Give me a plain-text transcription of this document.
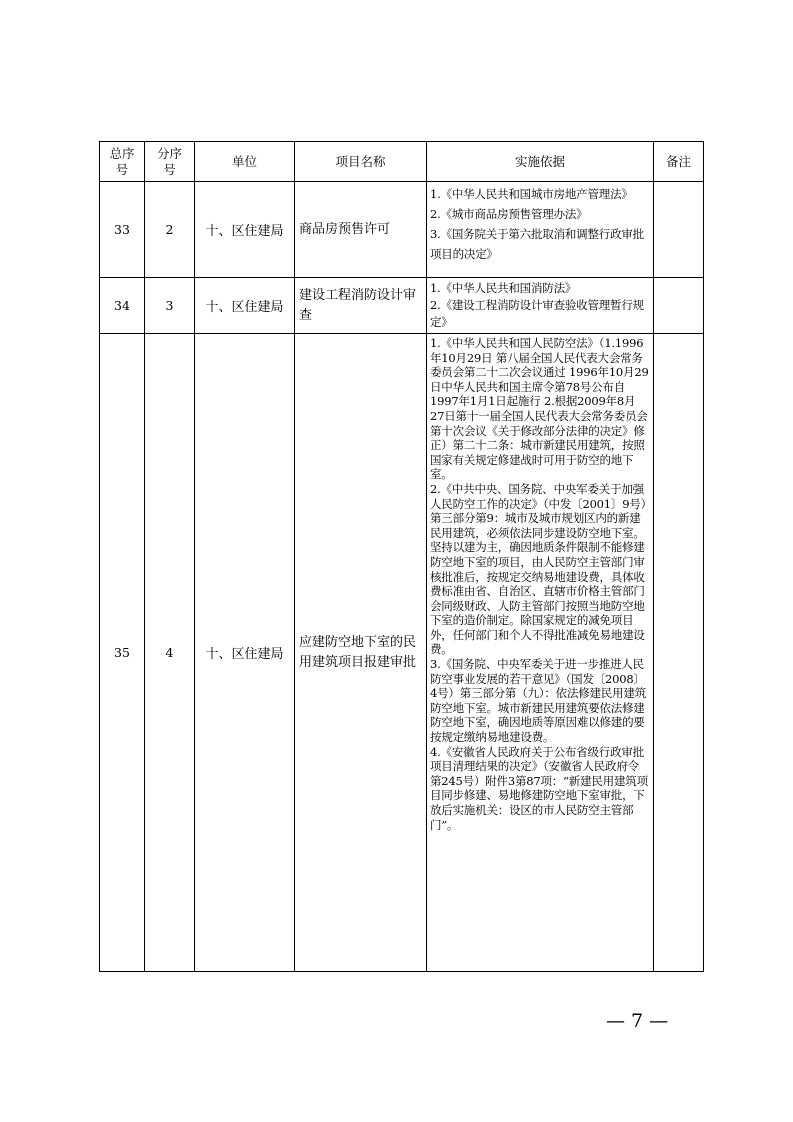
总序号	分序号	单位	项目名称	实施依据	备注
33	2	十、区住建局	商品房预售许可	1.《中华人民共和国城市房地产管理法》
2.《城市商品房预售管理办法》
3.《国务院关于第六批取消和调整行政审批项目的决定》	

34	3	十、区住建局	建设工程消防设计审查	1.《中华人民共和国消防法》
2.《建设工程消防设计审查验收管理暂行规定》	

35	4	十、区住建局	应建防空地下室的民用建筑项目报建审批	1.《中华人民共和国人民防空法》（1.1996年10月29日 第八届全国人民代表大会常务委员会第二十二次会议通过 1996年10月29日中华人民共和国主席令第78号公布自1997年1月1日起施行 2.根据2009年8月27日第十一届全国人民代表大会常务委员会第十次会议《关于修改部分法律的决定》修正）第二十二条：城市新建民用建筑，按照国家有关规定修建战时可用于防空的地下室。
2.《中共中央、国务院、中央军委关于加强人民防空工作的决定》（中发〔2001〕9号）第三部分第9：城市及城市规划区内的新建民用建筑，必须依法同步建设防空地下室。坚持以建为主，确因地质条件限制不能修建防空地下室的项目，由人民防空主管部门审核批准后，按规定交纳易地建设费，具体收费标准由省、自治区、直辖市价格主管部门会同级财政、人防主管部门按照当地防空地下室的造价制定。除国家规定的减免项目外，任何部门和个人不得批准减免易地建设费。
3.《国务院、中央军委关于进一步推进人民防空事业发展的若干意见》（国发〔2008〕4号）第三部分第（九）：依法修建民用建筑防空地下室。城市新建民用建筑要依法修建防空地下室，确因地质等原因难以修建的要按规定缴纳易地建设费。
4.《安徽省人民政府关于公布省级行政审批项目清理结果的决定》（安徽省人民政府令第245号）附件3第87项：“新建民用建筑项目同步修建、易地修建防空地下室审批，下放后实施机关：设区的市人民防空主管部门”。	

— 7 —
